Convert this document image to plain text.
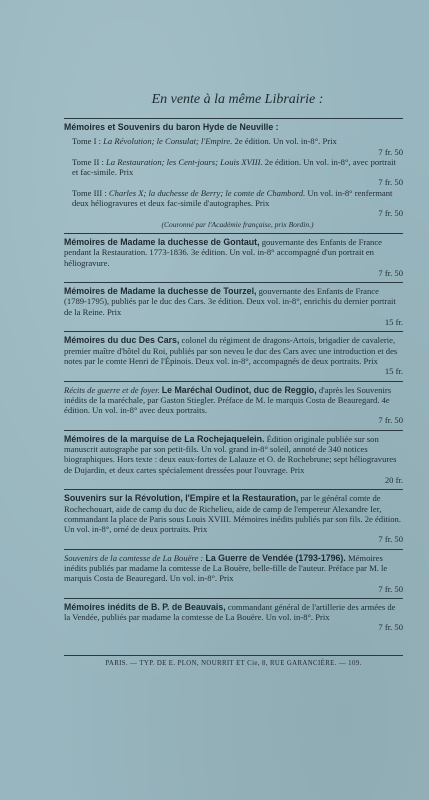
En vente à la même Librairie :
Mémoires et Souvenirs du baron Hyde de Neuville :
Tome I : La Révolution; le Consulat; l'Empire. 2e édition. Un vol. in-8°. Prix
7 fr. 50
Tome II : La Restauration; les Cent-jours; Louis XVIII. 2e édition. Un vol. in-8°, avec portrait et fac-simile. Prix
7 fr. 50
Tome III : Charles X; la duchesse de Berry; le comte de Chambord. Un vol. in-8° renfermant deux héliogravures et deux fac-simile d'autographes. Prix
7 fr. 50
(Couronné par l'Académie française, prix Bordin.)
Mémoires de Madame la duchesse de Gontaut, gouvernante des Enfants de France pendant la Restauration. 1773-1836. 3e édition. Un vol. in-8° accompagné d'un portrait en héliogravure.
7 fr. 50
Mémoires de Madame la duchesse de Tourzel, gouvernante des Enfants de France (1789-1795), publiés par le duc des Cars. 3e édition. Deux vol. in-8°, enrichis du dernier portrait de la Reine. Prix
15 fr.
Mémoires du duc Des Cars, colonel du régiment de dragons-Artois, brigadier de cavalerie, premier maître d'hôtel du Roi, publiés par son neveu le duc des Cars avec une introduction et des notes par le comte Henri de l'Épinois. Deux vol. in-8°, accompagnés de deux portraits. Prix
15 fr.
Récits de guerre et de foyer. Le Maréchal Oudinot, duc de Reggio, d'après les Souvenirs inédits de la maréchale, par Gaston Stiegler. Préface de M. le marquis Costa de Beauregard. 4e édition. Un vol. in-8° avec deux portraits.
7 fr. 50
Mémoires de la marquise de La Rochejaquelein. Édition originale publiée sur son manuscrit autographe par son petit-fils. Un vol. grand in-8° soleil, annoté de 340 notices biographiques. Hors texte : deux eaux-fortes de Lalauze et O. de Rochebrune; sept héliogravures de Dujardin, et deux cartes spécialement dressées pour l'ouvrage. Prix
20 fr.
Souvenirs sur la Révolution, l'Empire et la Restauration, par le général comte de Rochechouart, aide de camp du duc de Richelieu, aide de camp de l'empereur Alexandre Ier, commandant la place de Paris sous Louis XVIII. Mémoires inédits publiés par son fils. 2e édition. Un vol. in-8°, orné de deux portraits. Prix
7 fr. 50
Souvenirs de la comtesse de La Bouëre : La Guerre de Vendée (1793-1796). Mémoires inédits publiés par madame la comtesse de La Bouëre, belle-fille de l'auteur. Préface par M. le marquis Costa de Beauregard. Un vol. in-8°. Prix
7 fr. 50
Mémoires inédits de B. P. de Beauvais, commandant général de l'artillerie des armées de la Vendée, publiés par madame la comtesse de La Bouëre. Un vol. in-8°. Prix
7 fr. 50
PARIS. — TYP. DE E. PLON, NOURRIT ET Cie, 8, RUE GARANCIÈRE. — 109.
